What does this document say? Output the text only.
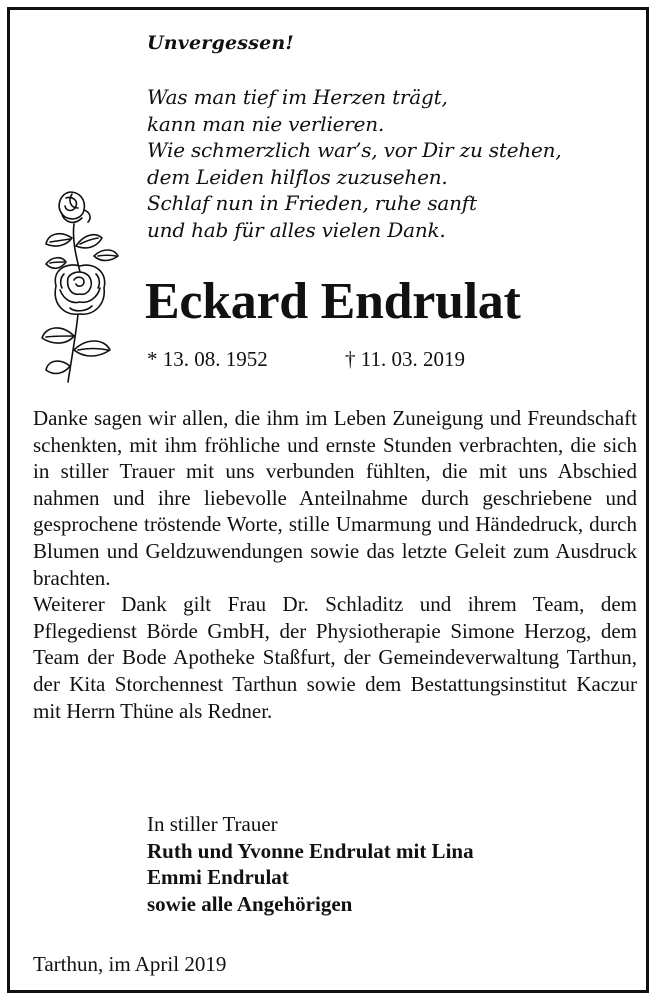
Unvergessen!
Was man tief im Herzen trägt,
kann man nie verlieren.
Wie schmerzlich war’s, vor Dir zu stehen,
dem Leiden hilflos zuzusehen.
Schlaf nun in Frieden, ruhe sanft
und hab für alles vielen Dank.
Eckard Endrulat
* 13. 08. 1952	† 11. 03. 2019

Danke sagen wir allen, die ihm im Leben Zuneigung und Freundschaft schenkten, mit ihm fröhliche und ernste Stunden verbrachten, die sich in stiller Trauer mit uns verbunden fühlten, die mit uns Abschied nahmen und ihre liebevolle Anteilnahme durch geschriebene und gesprochene tröstende Worte, stille Umarmung und Händedruck, durch Blumen und Geldzuwendungen sowie das letzte Geleit zum Ausdruck brachten.

Weiterer Dank gilt Frau Dr. Schladitz und ihrem Team, dem Pflegedienst Börde GmbH, der Physiotherapie Simone Herzog, dem Team der Bode Apotheke Staßfurt, der Gemeindeverwaltung Tarthun, der Kita Storchennest Tarthun sowie dem Bestattungsinstitut Kaczur mit Herrn Thüne als Redner.

In stiller Trauer
Ruth und Yvonne Endrulat mit Lina
Emmi Endrulat
sowie alle Angehörigen
Tarthun, im April 2019
